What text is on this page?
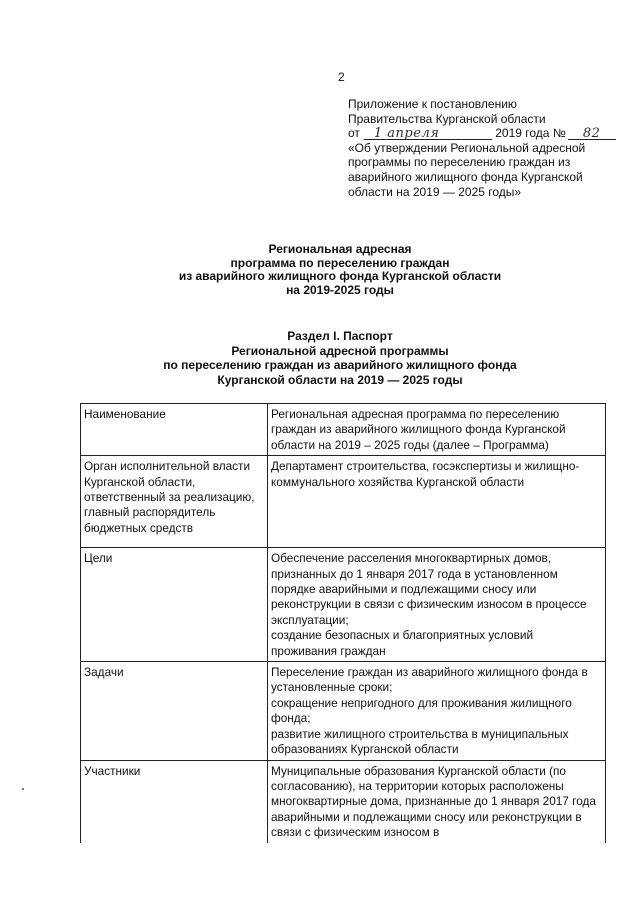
2
Приложение к постановлению
Правительства Курганской области
от 1 апреля	2019 года № 82
«Об утверждении Региональной адресной
программы по переселению граждан из
аварийного жилищного фонда Курганской
области на 2019 — 2025 годы»
Региональная адресная
программа по переселению граждан
из аварийного жилищного фонда Курганской области
на 2019-2025 годы
Раздел I. Паспорт
Региональной адресной программы
по переселению граждан из аварийного жилищного фонда
Курганской области на 2019 — 2025 годы
Наименование	Региональная адресная программа по переселению граждан из аварийного жилищного фонда Курганской области на 2019 – 2025 годы (далее – Программа)
Орган исполнительной власти Курганской области, ответственный за реализацию, главный распорядитель бюджетных средств	Департамент строительства, госэкспертизы и жилищно-коммунального хозяйства Курганской области
Цели	Обеспечение расселения многоквартирных домов, признанных до 1 января 2017 года в установленном порядке аварийными и подлежащими сносу или реконструкции в связи с физическим износом в процессе эксплуатации;
создание безопасных и благоприятных условий проживания граждан

Задачи	Переселение граждан из аварийного жилищного фонда в установленные сроки;
сокращение непригодного для проживания жилищного фонда;
развитие жилищного строительства в муниципальных образованиях Курганской области

Участники	Муниципальные образования Курганской области (по согласованию), на территории которых расположены многоквартирные дома, признанные до 1 января 2017 года аварийными и подлежащими сносу или реконструкции в связи с физическим износом в
